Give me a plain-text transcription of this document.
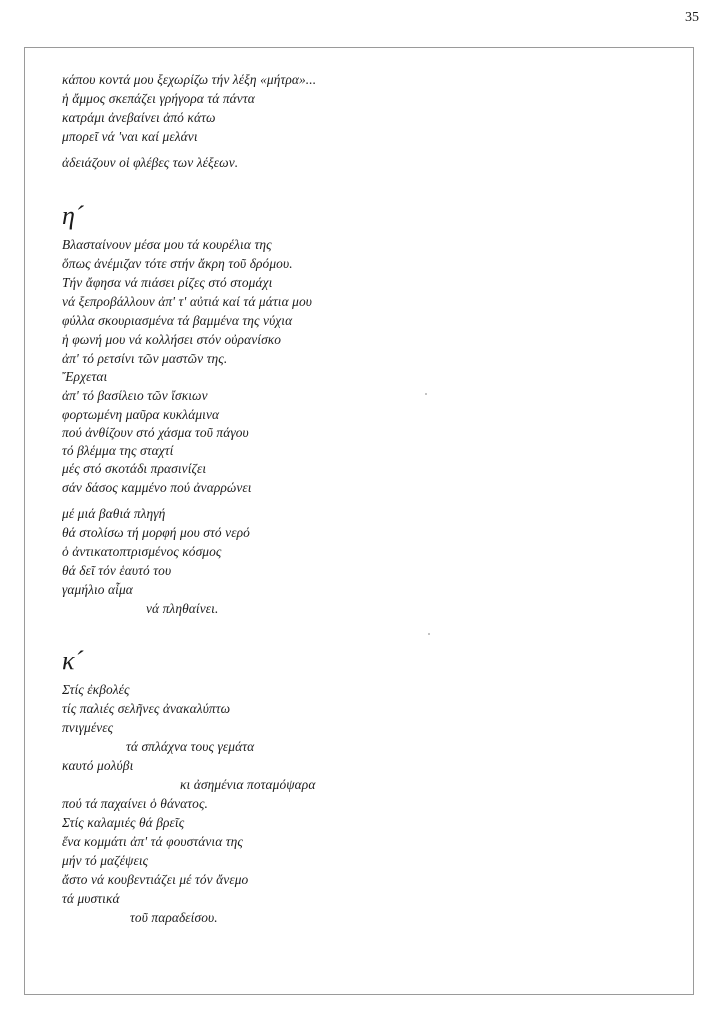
35
κάπου κοντά μου ξεχωρίζω τήν λέξη «μήτρα»...
ἡ ἄμμος σκεπάζει γρήγορα τά πάντα
κατράμι ἀνεβαίνει ἀπό κάτω
μπορεῖ νά 'ναι καί μελάνι
ἀδειάζουν οἱ φλέβες των λέξεων.
η´
Βλασταίνουν μέσα μου τά κουρέλια της
ὅπως ἀνέμιζαν τότε στήν ἄκρη τοῦ δρόμου.
Τήν ἄφησα νά πιάσει ρίζες στό στομάχι
νά ξεπροβάλλουν ἀπ' τ' αὐτιά καί τά μάτια μου
φύλλα σκουριασμένα τά βαμμένα της νύχια
ἡ φωνή μου νά κολλήσει στόν οὐρανίσκο
ἀπ' τό ρετσίνι τῶν μαστῶν της.
Ἔρχεται
ἀπ' τό βασίλειο τῶν ἴσκιων
φορτωμένη μαῦρα κυκλάμινα
πού ἀνθίζουν στό χάσμα τοῦ πάγου
τό βλέμμα της σταχτί
μές στό σκοτάδι πρασινίζει
σάν δάσος καμμένο πού ἀναρρώνει
μέ μιά βαθιά πληγή
θά στολίσω τή μορφή μου στό νερό
ὁ ἀντικατοπτρισμένος κόσμος
θά δεῖ τόν ἑαυτό του
γαμήλιο αἷμα
νά πληθαίνει.
κ´
Στίς ἐκβολές
τίς παλιές σελῆνες ἀνακαλύπτω
πνιγμένες
τά σπλάχνα τους γεμάτα
καυτό μολύβι
κι ἀσημένια ποταμόψαρα
πού τά παχαίνει ὁ θάνατος.
Στίς καλαμιές θά βρεῖς
ἕνα κομμάτι ἀπ' τά φουστάνια της
μήν τό μαζέψεις
ἄστο νά κουβεντιάζει μέ τόν ἄνεμο
τά μυστικά
τοῦ παραδείσου.
